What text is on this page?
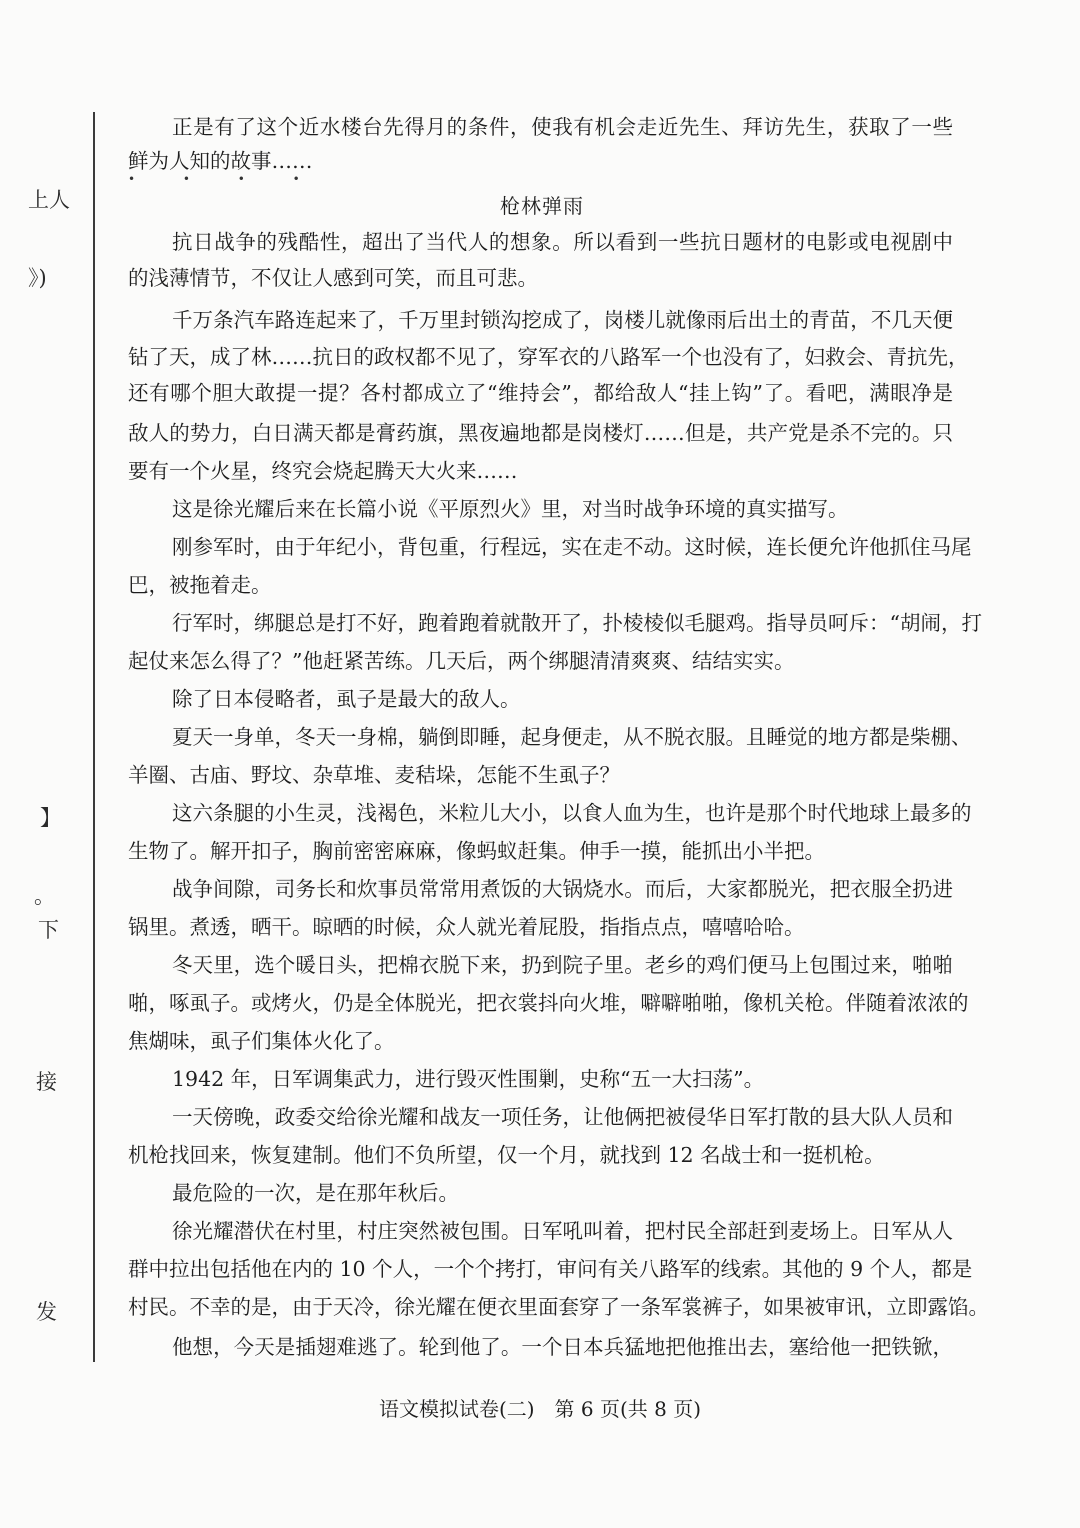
上人
》)
】
。
下
接
发
正是有了这个近水楼台先得月的条件，使我有机会走近先生、拜访先生，获取了一些
鲜为人知的故事……
• • • •
枪林弹雨
抗日战争的残酷性，超出了当代人的想象。所以看到一些抗日题材的电影或电视剧中
的浅薄情节，不仅让人感到可笑，而且可悲。
千万条汽车路连起来了，千万里封锁沟挖成了，岗楼儿就像雨后出土的青苗，不几天便
钻了天，成了林……抗日的政权都不见了，穿军衣的八路军一个也没有了，妇救会、青抗先，
还有哪个胆大敢提一提？各村都成立了“维持会”，都给敌人“挂上钩”了。看吧，满眼净是
敌人的势力，白日满天都是膏药旗，黑夜遍地都是岗楼灯……但是，共产党是杀不完的。只
要有一个火星，终究会烧起腾天大火来……
这是徐光耀后来在长篇小说《平原烈火》里，对当时战争环境的真实描写。
刚参军时，由于年纪小，背包重，行程远，实在走不动。这时候，连长便允许他抓住马尾
巴，被拖着走。
行军时，绑腿总是打不好，跑着跑着就散开了，扑棱棱似毛腿鸡。指导员呵斥：“胡闹，打
起仗来怎么得了？”他赶紧苦练。几天后，两个绑腿清清爽爽、结结实实。
除了日本侵略者，虱子是最大的敌人。
夏天一身单，冬天一身棉，躺倒即睡，起身便走，从不脱衣服。且睡觉的地方都是柴棚、
羊圈、古庙、野坟、杂草堆、麦秸垛，怎能不生虱子？
这六条腿的小生灵，浅褐色，米粒儿大小，以食人血为生，也许是那个时代地球上最多的
生物了。解开扣子，胸前密密麻麻，像蚂蚁赶集。伸手一摸，能抓出小半把。
战争间隙，司务长和炊事员常常用煮饭的大锅烧水。而后，大家都脱光，把衣服全扔进
锅里。煮透，晒干。晾晒的时候，众人就光着屁股，指指点点，嘻嘻哈哈。
冬天里，选个暖日头，把棉衣脱下来，扔到院子里。老乡的鸡们便马上包围过来，啪啪
啪，啄虱子。或烤火，仍是全体脱光，把衣裳抖向火堆，噼噼啪啪，像机关枪。伴随着浓浓的
焦煳味，虱子们集体火化了。
1942 年，日军调集武力，进行毁灭性围剿，史称“五一大扫荡”。
一天傍晚，政委交给徐光耀和战友一项任务，让他俩把被侵华日军打散的县大队人员和
机枪找回来，恢复建制。他们不负所望，仅一个月，就找到 12 名战士和一挺机枪。
最危险的一次，是在那年秋后。
徐光耀潜伏在村里，村庄突然被包围。日军吼叫着，把村民全部赶到麦场上。日军从人
群中拉出包括他在内的 10 个人，一个个拷打，审问有关八路军的线索。其他的 9 个人，都是
村民。不幸的是，由于天冷，徐光耀在便衣里面套穿了一条军裳裤子，如果被审讯，立即露馅。
他想，今天是插翅难逃了。轮到他了。一个日本兵猛地把他推出去，塞给他一把铁锨，
语文模拟试卷(二)　第 6 页(共 8 页)
